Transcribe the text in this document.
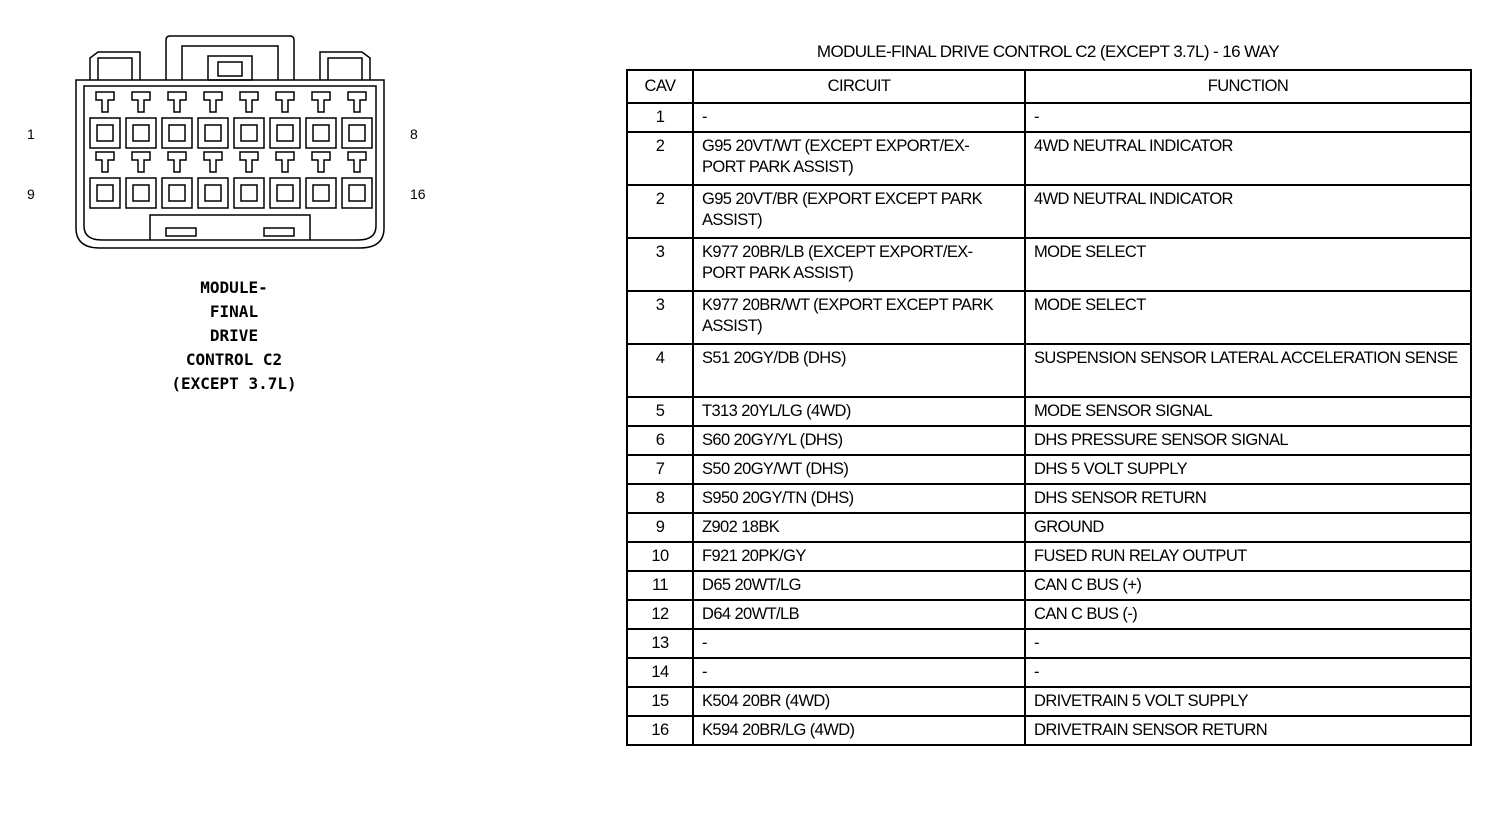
1	8
9	16
MODULE-
FINAL
DRIVE
CONTROL C2
(EXCEPT 3.7L)
MODULE-FINAL DRIVE CONTROL C2 (EXCEPT 3.7L) - 16 WAY
CAV	CIRCUIT	FUNCTION
1	-	-
2	G95 20VT/WT (EXCEPT EXPORT/EX- PORT PARK ASSIST)	4WD NEUTRAL INDICATOR
2	G95 20VT/BR (EXPORT EXCEPT PARK ASSIST)	4WD NEUTRAL INDICATOR
3	K977 20BR/LB (EXCEPT EXPORT/EX- PORT PARK ASSIST)	MODE SELECT
3	K977 20BR/WT (EXPORT EXCEPT PARK ASSIST)	MODE SELECT
4	S51 20GY/DB (DHS)	SUSPENSION SENSOR LATERAL ACCELERATION SENSE
5	T313 20YL/LG (4WD)	MODE SENSOR SIGNAL
6	S60 20GY/YL (DHS)	DHS PRESSURE SENSOR SIGNAL
7	S50 20GY/WT (DHS)	DHS 5 VOLT SUPPLY
8	S950 20GY/TN (DHS)	DHS SENSOR RETURN
9	Z902 18BK	GROUND
10	F921 20PK/GY	FUSED RUN RELAY OUTPUT
11	D65 20WT/LG	CAN C BUS (+)
12	D64 20WT/LB	CAN C BUS (-)
13	-	-
14	-	-
15	K504 20BR (4WD)	DRIVETRAIN 5 VOLT SUPPLY
16	K594 20BR/LG (4WD)	DRIVETRAIN SENSOR RETURN
